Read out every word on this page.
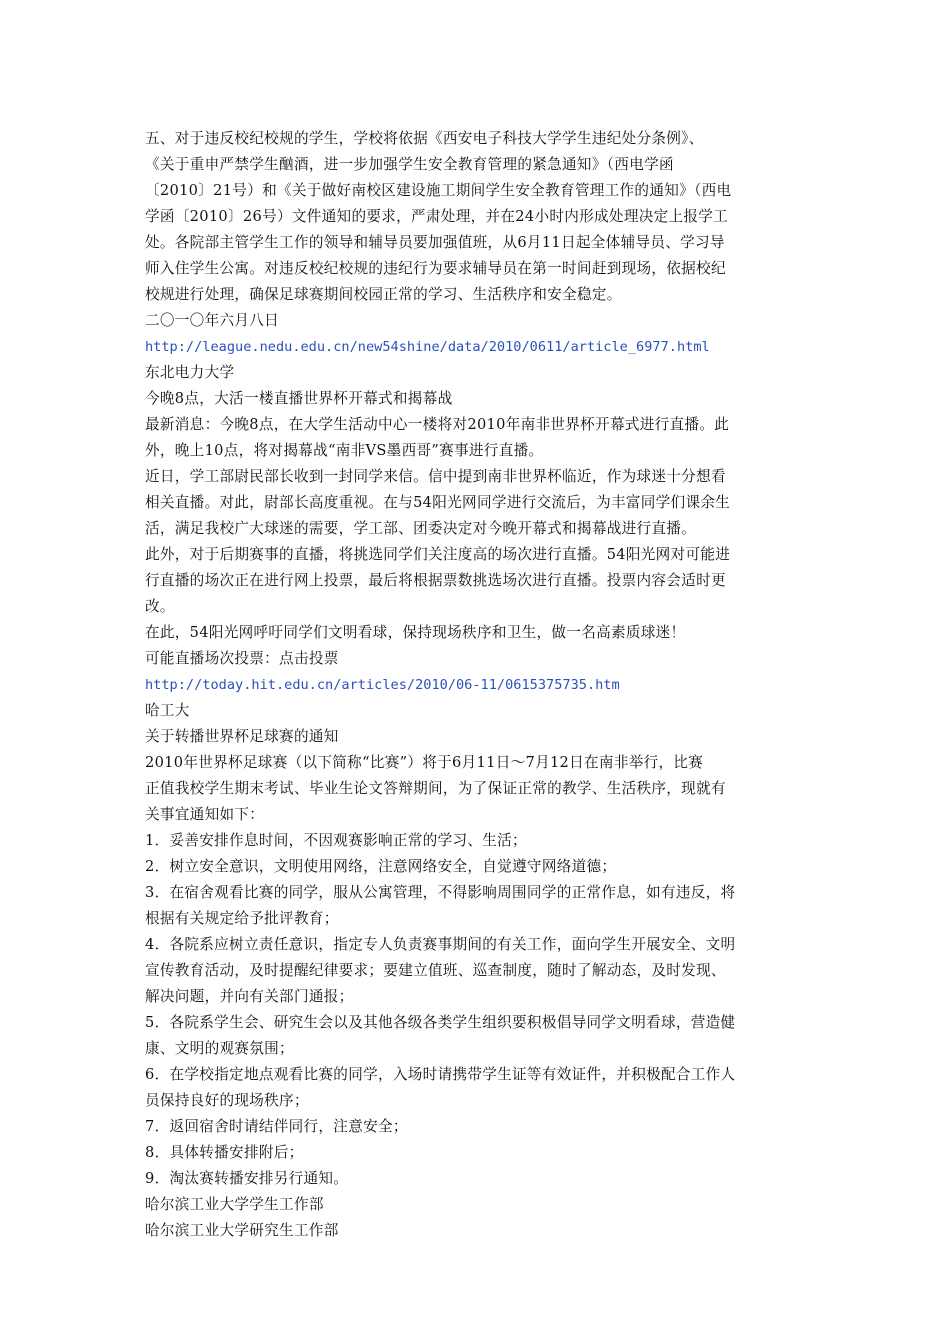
五、对于违反校纪校规的学生，学校将依据《西安电子科技大学学生违纪处分条例》、
《关于重申严禁学生酗酒，进一步加强学生安全教育管理的紧急通知》（西电学函
〔2010〕21号）和《关于做好南校区建设施工期间学生安全教育管理工作的通知》（西电
学函〔2010〕26号）文件通知的要求，严肃处理，并在24小时内形成处理决定上报学工
处。各院部主管学生工作的领导和辅导员要加强值班，从6月11日起全体辅导员、学习导
师入住学生公寓。对违反校纪校规的违纪行为要求辅导员在第一时间赶到现场，依据校纪
校规进行处理，确保足球赛期间校园正常的学习、生活秩序和安全稳定。
二〇一〇年六月八日
http://league.nedu.edu.cn/new54shine/data/2010/0611/article_6977.html
东北电力大学
今晚8点，大活一楼直播世界杯开幕式和揭幕战
最新消息：今晚8点，在大学生活动中心一楼将对2010年南非世界杯开幕式进行直播。此
外，晚上10点，将对揭幕战“南非VS墨西哥”赛事进行直播。
近日，学工部尉民部长收到一封同学来信。信中提到南非世界杯临近，作为球迷十分想看
相关直播。对此，尉部长高度重视。在与54阳光网同学进行交流后，为丰富同学们课余生
活，满足我校广大球迷的需要，学工部、团委决定对今晚开幕式和揭幕战进行直播。
此外，对于后期赛事的直播，将挑选同学们关注度高的场次进行直播。54阳光网对可能进
行直播的场次正在进行网上投票，最后将根据票数挑选场次进行直播。投票内容会适时更
改。
在此，54阳光网呼吁同学们文明看球，保持现场秩序和卫生，做一名高素质球迷！
可能直播场次投票：点击投票
http://today.hit.edu.cn/articles/2010/06-11/0615375735.htm
哈工大
关于转播世界杯足球赛的通知
2010年世界杯足球赛（以下简称“比赛”）将于6月11日～7月12日在南非举行，比赛
正值我校学生期末考试、毕业生论文答辩期间，为了保证正常的教学、生活秩序，现就有
关事宜通知如下：
1．妥善安排作息时间，不因观赛影响正常的学习、生活；
2．树立安全意识，文明使用网络，注意网络安全，自觉遵守网络道德；
3．在宿舍观看比赛的同学，服从公寓管理，不得影响周围同学的正常作息，如有违反，将
根据有关规定给予批评教育；
4．各院系应树立责任意识，指定专人负责赛事期间的有关工作，面向学生开展安全、文明
宣传教育活动，及时提醒纪律要求；要建立值班、巡查制度，随时了解动态，及时发现、
解决问题，并向有关部门通报；
5．各院系学生会、研究生会以及其他各级各类学生组织要积极倡导同学文明看球，营造健
康、文明的观赛氛围；
6．在学校指定地点观看比赛的同学，入场时请携带学生证等有效证件，并积极配合工作人
员保持良好的现场秩序；
7．返回宿舍时请结伴同行，注意安全；
8．具体转播安排附后；
9．淘汰赛转播安排另行通知。
哈尔滨工业大学学生工作部
哈尔滨工业大学研究生工作部
